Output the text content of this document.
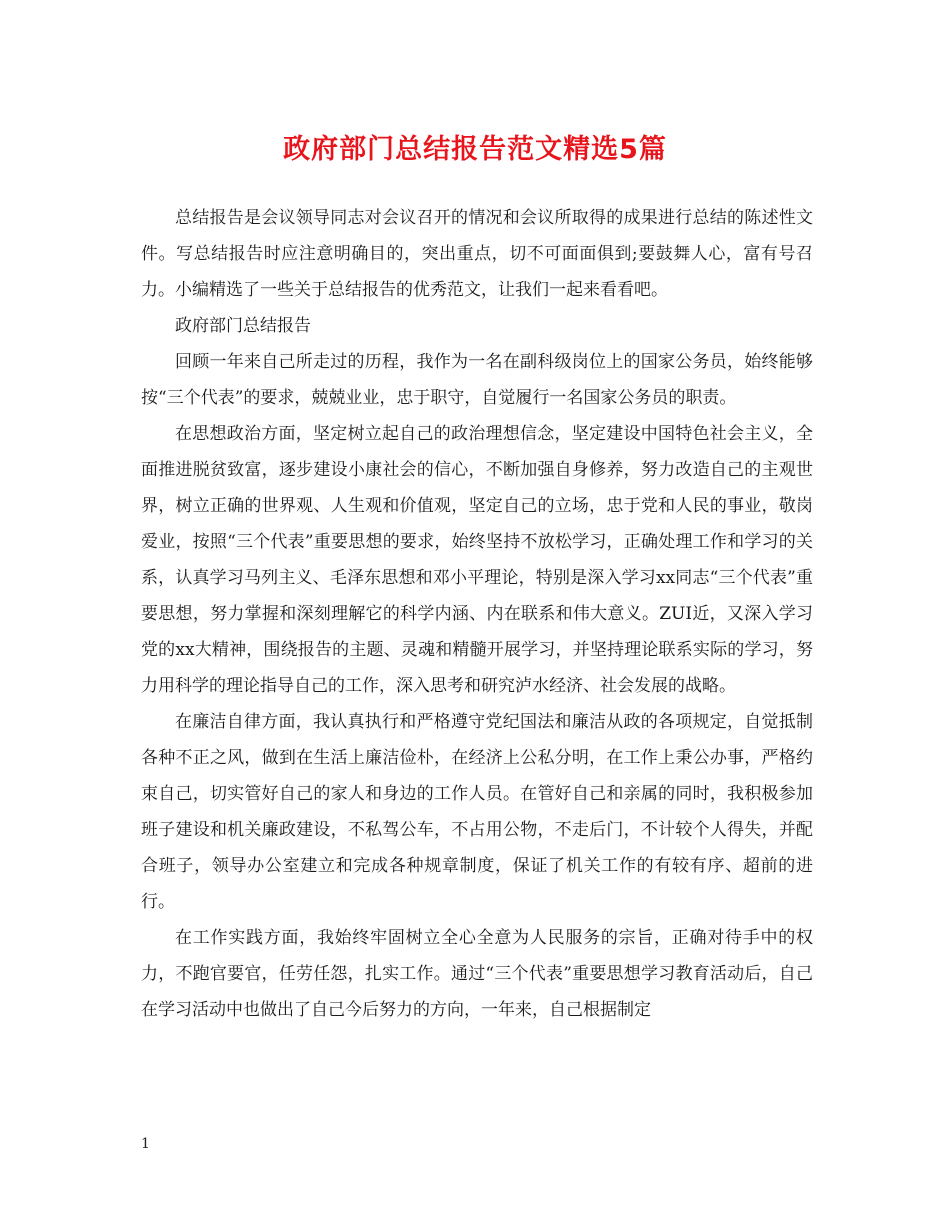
政府部门总结报告范文精选5篇

总结报告是会议领导同志对会议召开的情况和会议所取得的成果进行总结的陈述性文件。写总结报告时应注意明确目的，突出重点，切不可面面俱到;要鼓舞人心，富有号召力。小编精选了一些关于总结报告的优秀范文，让我们一起来看看吧。

政府部门总结报告

回顾一年来自己所走过的历程，我作为一名在副科级岗位上的国家公务员，始终能够按“三个代表”的要求，兢兢业业，忠于职守，自觉履行一名国家公务员的职责。

在思想政治方面，坚定树立起自己的政治理想信念，坚定建设中国特色社会主义，全面推进脱贫致富，逐步建设小康社会的信心，不断加强自身修养，努力改造自己的主观世界，树立正确的世界观、人生观和价值观，坚定自己的立场，忠于党和人民的事业，敬岗爱业，按照“三个代表”重要思想的要求，始终坚持不放松学习，正确处理工作和学习的关系，认真学习马列主义、毛泽东思想和邓小平理论，特别是深入学习xx同志“三个代表”重要思想，努力掌握和深刻理解它的科学内涵、内在联系和伟大意义。ZUI近，又深入学习党的xx大精神，围绕报告的主题、灵魂和精髓开展学习，并坚持理论联系实际的学习，努力用科学的理论指导自己的工作，深入思考和研究泸水经济、社会发展的战略。

在廉洁自律方面，我认真执行和严格遵守党纪国法和廉洁从政的各项规定，自觉抵制各种不正之风，做到在生活上廉洁俭朴，在经济上公私分明，在工作上秉公办事，严格约束自己，切实管好自己的家人和身边的工作人员。在管好自己和亲属的同时，我积极参加班子建设和机关廉政建设，不私驾公车，不占用公物，不走后门，不计较个人得失，并配合班子，领导办公室建立和完成各种规章制度，保证了机关工作的有较有序、超前的进行。

在工作实践方面，我始终牢固树立全心全意为人民服务的宗旨，正确对待手中的权力，不跑官要官，任劳任怨，扎实工作。通过“三个代表”重要思想学习教育活动后，自己在学习活动中也做出了自己今后努力的方向，一年来，自己根据制定

1
